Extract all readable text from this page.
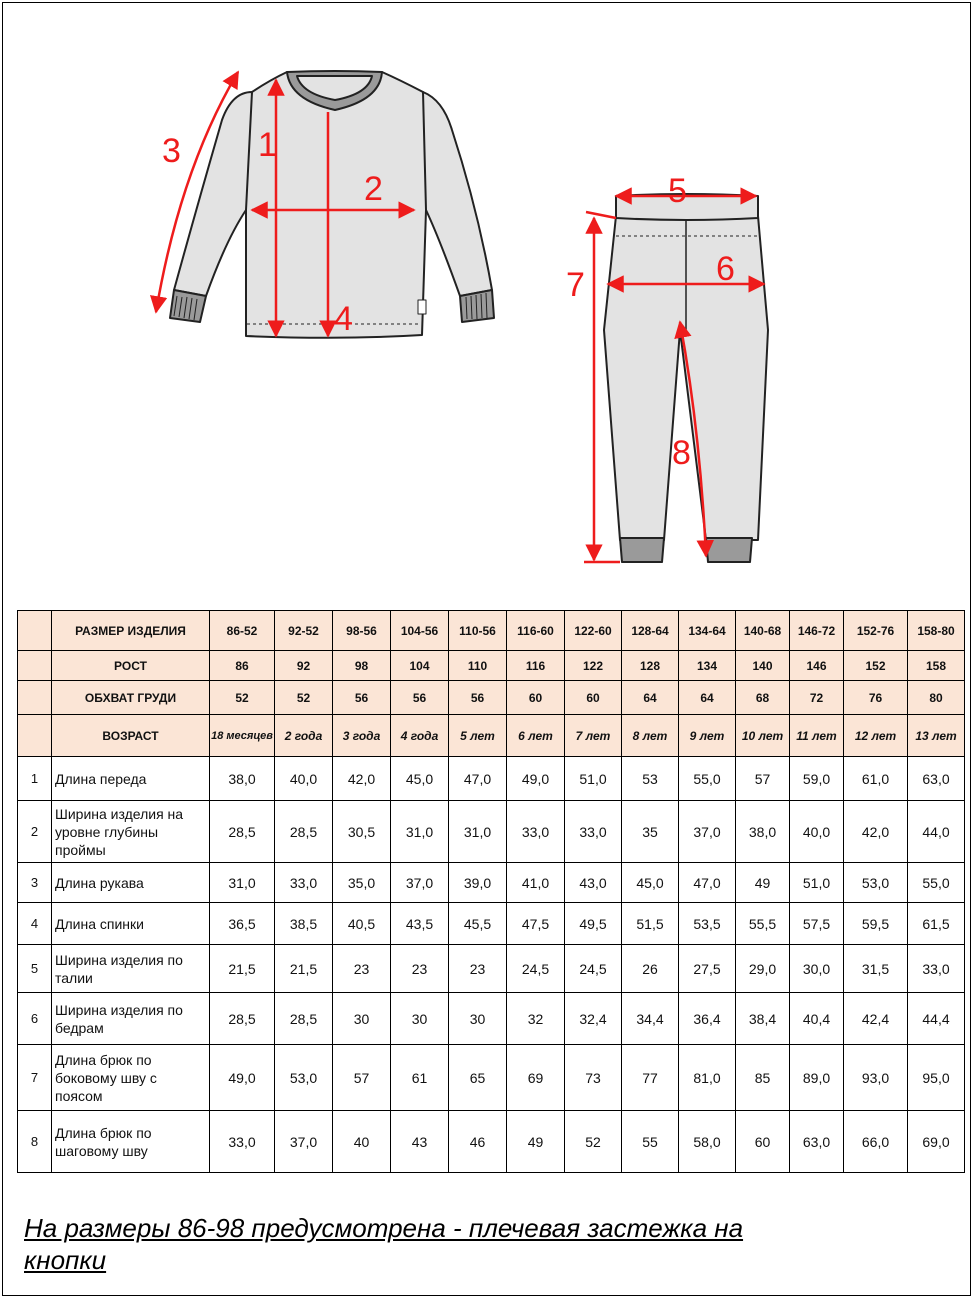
1
2
3
4
5
6
7
8
	РАЗМЕР ИЗДЕЛИЯ	86-52	92-52	98-56	104-56	110-56	116-60	122-60	128-64	134-64	140-68	146-72	152-76	158-80
	РОСТ	86	92	98	104	110	116	122	128	134	140	146	152	158
	ОБХВАТ ГРУДИ	52	52	56	56	56	60	60	64	64	68	72	76	80
	ВОЗРАСТ	18 месяцев	2 года	3 года	4 года	5 лет	6 лет	7 лет	8 лет	9 лет	10 лет	11 лет	12 лет	13 лет
1	Длина переда	38,0	40,0	42,0	45,0	47,0	49,0	51,0	53	55,0	57	59,0	61,0	63,0
2	Ширина изделия на уровне глубины проймы	28,5	28,5	30,5	31,0	31,0	33,0	33,0	35	37,0	38,0	40,0	42,0	44,0
3	Длина рукава	31,0	33,0	35,0	37,0	39,0	41,0	43,0	45,0	47,0	49	51,0	53,0	55,0
4	Длина спинки	36,5	38,5	40,5	43,5	45,5	47,5	49,5	51,5	53,5	55,5	57,5	59,5	61,5
5	Ширина изделия по талии	21,5	21,5	23	23	23	24,5	24,5	26	27,5	29,0	30,0	31,5	33,0
6	Ширина изделия по бедрам	28,5	28,5	30	30	30	32	32,4	34,4	36,4	38,4	40,4	42,4	44,4
7	Длина брюк по боковому шву с поясом	49,0	53,0	57	61	65	69	73	77	81,0	85	89,0	93,0	95,0
8	Длина брюк по шаговому шву	33,0	37,0	40	43	46	49	52	55	58,0	60	63,0	66,0	69,0
На размеры 86-98 предусмотрена - плечевая застежка на кнопки
